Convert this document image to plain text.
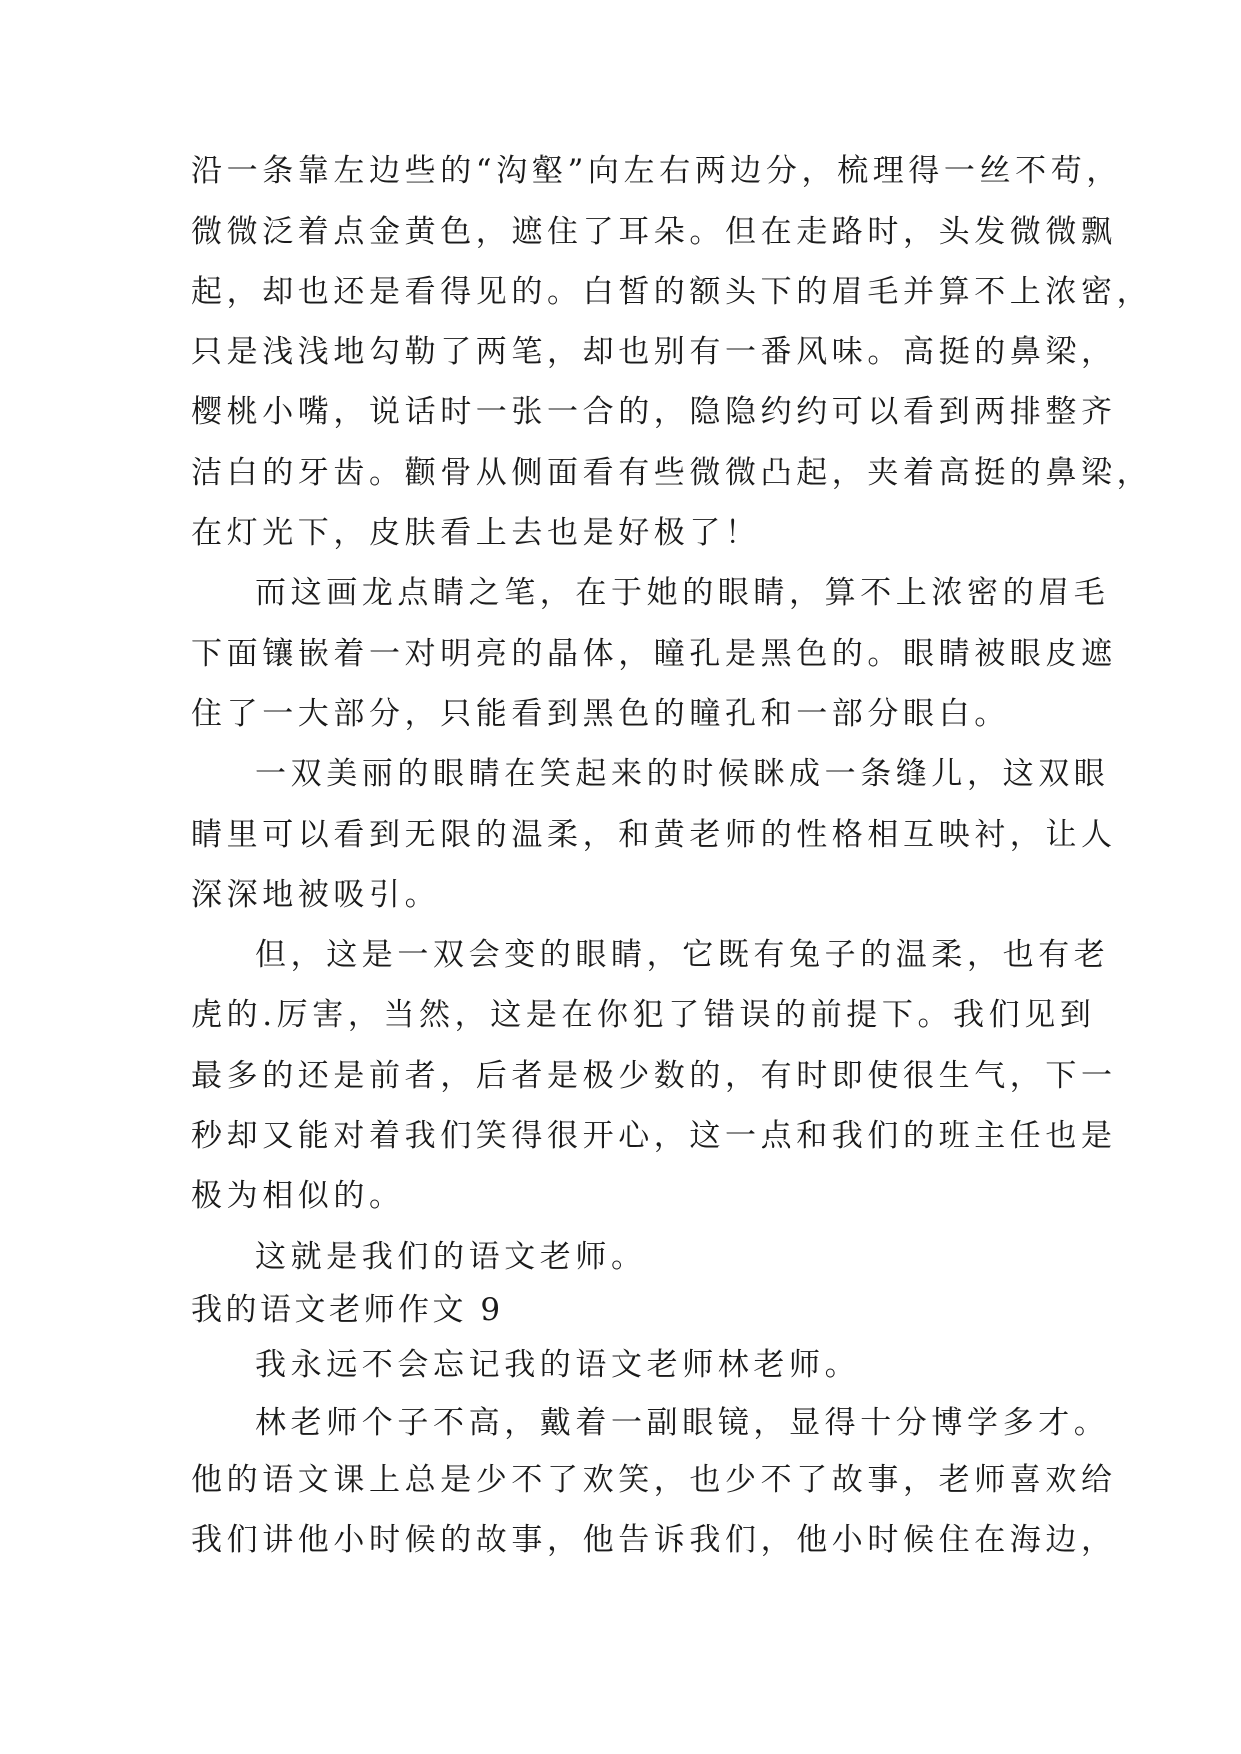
沿一条靠左边些的“沟壑”向左右两边分，梳理得一丝不苟，
微微泛着点金黄色，遮住了耳朵。但在走路时，头发微微飘
起，却也还是看得见的。白皙的额头下的眉毛并算不上浓密，
只是浅浅地勾勒了两笔，却也别有一番风味。高挺的鼻梁，
樱桃小嘴，说话时一张一合的，隐隐约约可以看到两排整齐
洁白的牙齿。颧骨从侧面看有些微微凸起，夹着高挺的鼻梁，
在灯光下，皮肤看上去也是好极了！
而这画龙点睛之笔，在于她的眼睛，算不上浓密的眉毛
下面镶嵌着一对明亮的晶体，瞳孔是黑色的。眼睛被眼皮遮
住了一大部分，只能看到黑色的瞳孔和一部分眼白。
一双美丽的眼睛在笑起来的时候眯成一条缝儿，这双眼
睛里可以看到无限的温柔，和黄老师的性格相互映衬，让人
深深地被吸引。
但，这是一双会变的眼睛，它既有兔子的温柔，也有老
虎的.厉害，当然，这是在你犯了错误的前提下。我们见到
最多的还是前者，后者是极少数的，有时即使很生气，下一
秒却又能对着我们笑得很开心，这一点和我们的班主任也是
极为相似的。
这就是我们的语文老师。
我的语文老师作文 9
我永远不会忘记我的语文老师林老师。
林老师个子不高，戴着一副眼镜，显得十分博学多才。
他的语文课上总是少不了欢笑，也少不了故事，老师喜欢给
我们讲他小时候的故事，他告诉我们，他小时候住在海边，
